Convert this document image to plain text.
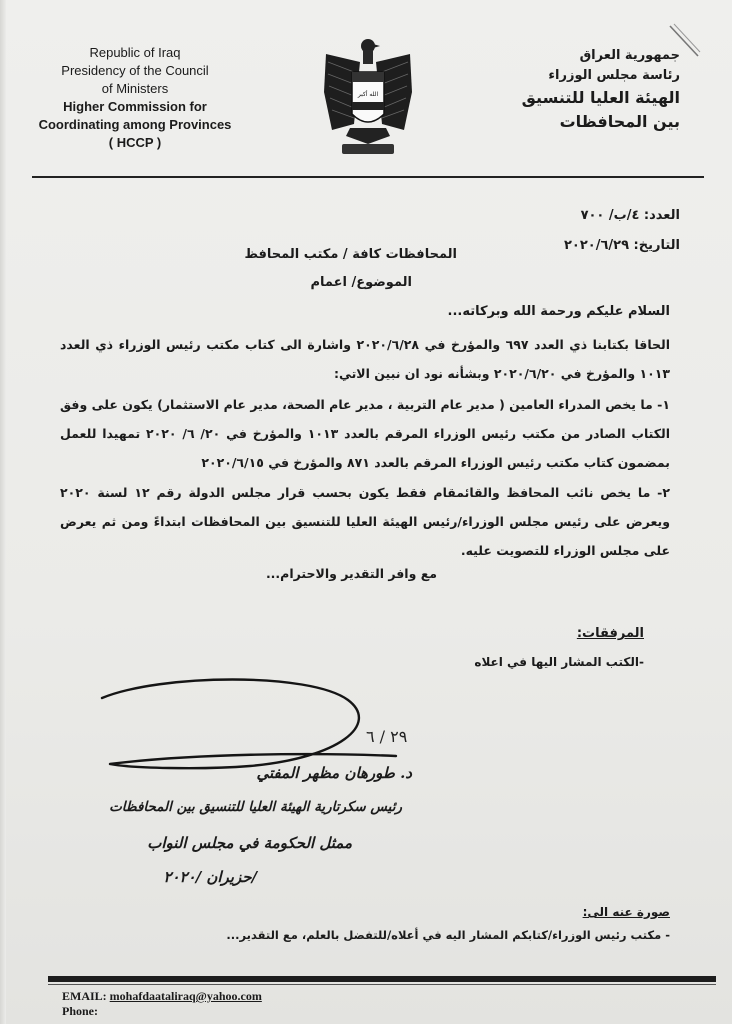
Republic of Iraq
Presidency of the Council
of Ministers
Higher Commission for
Coordinating among Provinces
( HCCP )
الله أكبر
جمهورية العراق
رئاسة مجلس الوزراء
الهيئة العليا للتنسيق
بين المحافظات
العدد: ٤/ب/ ٧٠٠
التاريخ: ٢٠٢٠/٦/٢٩
المحافظات كافة / مكتب المحافظ
الموضوع/ اعمام
السلام عليكم ورحمة الله وبركاته...
الحاقا بكتابنا ذي العدد ٦٩٧ والمؤرخ في ٢٠٢٠/٦/٢٨ واشارة الى كتاب مكتب رئيس الوزراء ذي العدد ١٠١٣ والمؤرخ في ٢٠٢٠/٦/٢٠ وبشأنه نود ان نبين الاتي:
١- ما يخص المدراء العامين ( مدير عام التربية ، مدير عام الصحة، مدير عام الاستثمار) يكون على وفق الكتاب الصادر من مكتب رئيس الوزراء المرقم بالعدد ١٠١٣ والمؤرخ في ٢٠/ ٦/ ٢٠٢٠ تمهيدا للعمل بمضمون كتاب مكتب رئيس الوزراء المرقم بالعدد ٨٧١ والمؤرخ في ٢٠٢٠/٦/١٥
٢- ما يخص نائب المحافظ والقائمقام فقط يكون بحسب قرار مجلس الدولة رقم ١٢ لسنة ٢٠٢٠ ويعرض على رئيس مجلس الوزراء/رئيس الهيئة العليا للتنسيق بين المحافظات ابتداءً ومن ثم يعرض على مجلس الوزراء للتصويت عليه.
مع وافر التقدير والاحترام...
المرفقات:
-الكتب المشار اليها في اعلاه
٢٩ / ٦
د. طورهان مظهر المفتي
رئيس سكرتارية الهيئة العليا للتنسيق بين المحافظات
ممثل الحكومة في مجلس النواب
/حزيران /٢٠٢٠
صورة عنه الى:
- مكتب رئيس الوزراء/كتابكم المشار اليه في أعلاه/للتفضل بالعلم، مع التقدير...
EMAIL: mohafdaataliraq@yahoo.com
Phone:
